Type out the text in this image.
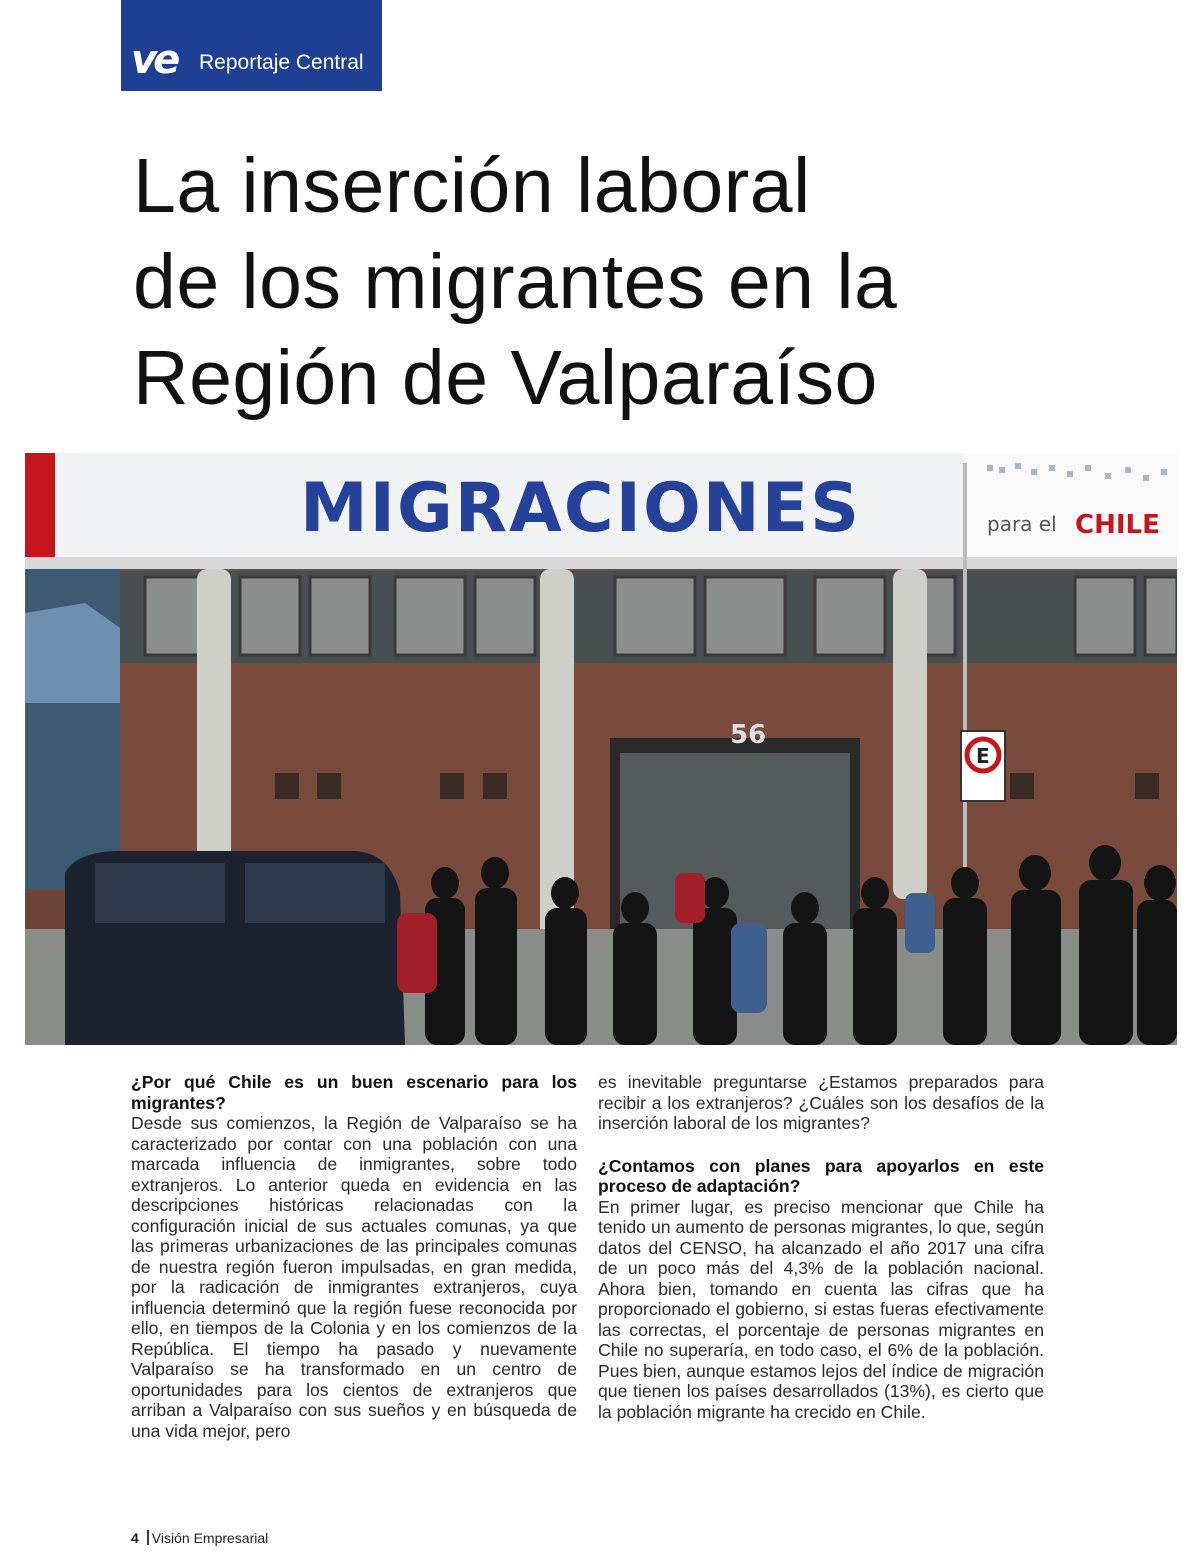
ve Reportaje Central
La inserción laboral
de los migrantes en la
Región de Valparaíso
MIGRACIONES	para el CHILE
56
E
¿Por qué Chile es un buen escenario para los migrantes?

Desde sus comienzos, la Región de Valparaíso se ha caracterizado por contar con una población con una marcada influencia de inmigrantes, sobre todo extranjeros. Lo anterior queda en evidencia en las descripciones históricas relacionadas con la configuración inicial de sus actuales comunas, ya que las primeras urbanizaciones de las principales comunas de nuestra región fueron impulsadas, en gran medida, por la radicación de inmigrantes extranjeros, cuya influencia determinó que la región fuese reconocida por ello, en tiempos de la Colonia y en los comienzos de la República. El tiempo ha pasado y nuevamente Valparaíso se ha transformado en un centro de oportunidades para los cientos de extranjeros que arriban a Valparaíso con sus sueños y en búsqueda de una vida mejor, pero

es inevitable preguntarse ¿Estamos preparados para recibir a los extranjeros? ¿Cuáles son los desafíos de la inserción laboral de los migrantes?

¿Contamos con planes para apoyarlos en este proceso de adaptación?

En primer lugar, es preciso mencionar que Chile ha tenido un aumento de personas migrantes, lo que, según datos del CENSO, ha alcanzado el año 2017 una cifra de un poco más del 4,3% de la población nacional. Ahora bien, tomando en cuenta las cifras que ha proporcionado el gobierno, si estas fueras efectivamente las correctas, el porcentaje de personas migrantes en Chile no superaría, en todo caso, el 6% de la población. Pues bien, aunque estamos lejos del índice de migración que tienen los países desarrollados (13%), es cierto que la población migrante ha crecido en Chile.

4 Visión Empresarial
